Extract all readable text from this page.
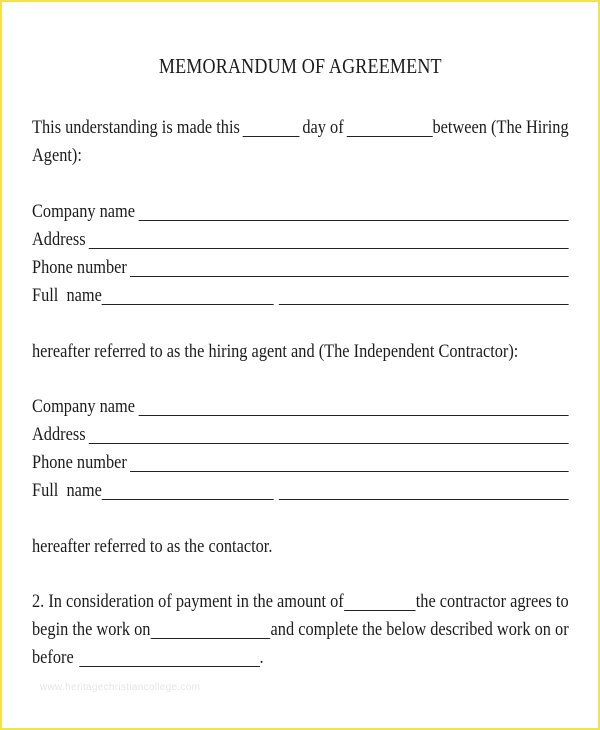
MEMORANDUM OF AGREEMENT
This understanding is made this	day of	between (The Hiring
Agent):
Company name
Address
Phone number
Full  name
hereafter referred to as the hiring agent and (The Independent Contractor):
Company name
Address
Phone number
Full  name
hereafter referred to as the contactor.
2. In consideration of payment in the amount of	the contractor agrees to
begin the work on	and complete the below described work on or
before	.
www.heritagechristiancollege.com
